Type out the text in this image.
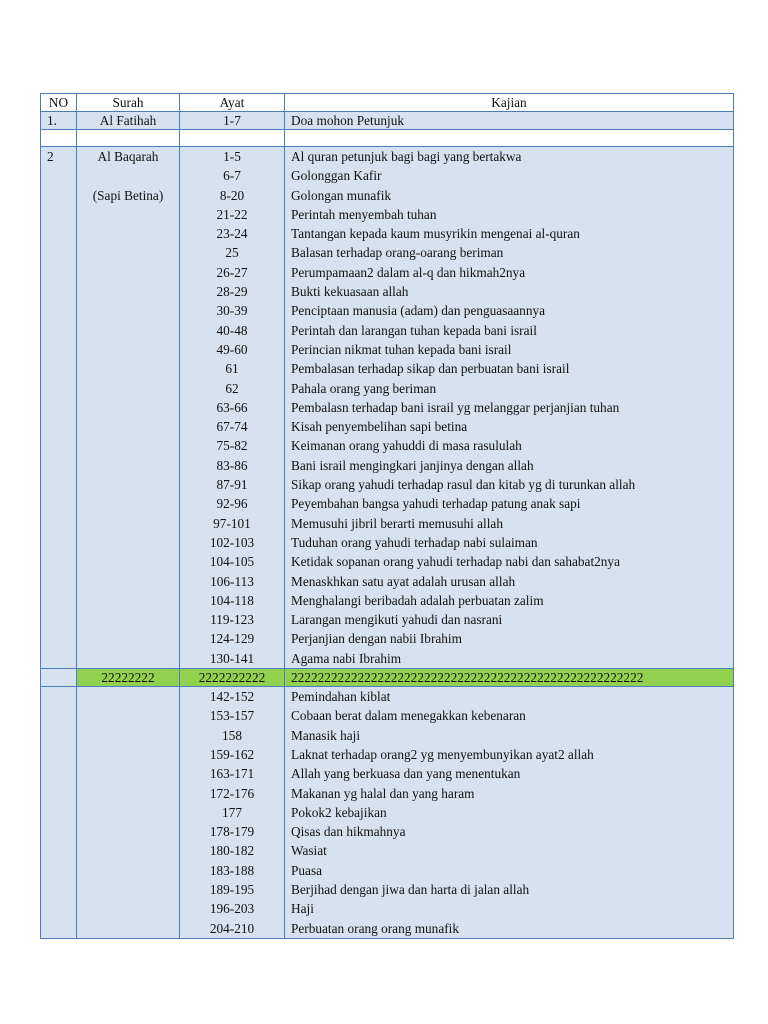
NO	Surah	Ayat	Kajian
1.	Al Fatihah	1-7	Doa mohon Petunjuk

2	Al Baqarah	1-5	Al quran petunjuk bagi bagi yang bertakwa
		6-7	Golonggan Kafir
	(Sapi Betina)	8-20	Golongan munafik
		21-22	Perintah menyembah tuhan
		23-24	Tantangan kepada kaum musyrikin mengenai al-quran
		25	Balasan terhadap orang-oarang beriman
		26-27	Perumpamaan2 dalam al-q dan hikmah2nya
		28-29	Bukti kekuasaan allah
		30-39	Penciptaan manusia (adam) dan penguasaannya
		40-48	Perintah dan larangan tuhan kepada bani israil
		49-60	Perincian nikmat tuhan kepada bani israil
		61	Pembalasan terhadap sikap dan perbuatan bani israil
		62	Pahala orang yang beriman
		63-66	Pembalasn terhadap bani israil yg melanggar perjanjian tuhan
		67-74	Kisah penyembelihan sapi betina
		75-82	Keimanan orang yahuddi di masa rasululah
		83-86	Bani israil mengingkari janjinya dengan allah
		87-91	Sikap orang yahudi terhadap rasul dan kitab yg di turunkan allah
		92-96	Peyembahan bangsa yahudi terhadap patung anak sapi
		97-101	Memusuhi jibril berarti memusuhi allah
		102-103	Tuduhan orang yahudi terhadap nabi sulaiman
		104-105	Ketidak sopanan orang yahudi terhadap nabi dan sahabat2nya
		106-113	Menaskhkan satu ayat adalah urusan allah
		104-118	Menghalangi beribadah adalah perbuatan zalim
		119-123	Larangan mengikuti yahudi dan nasrani
		124-129	Perjanjian dengan nabii Ibrahim
		130-141	Agama nabi Ibrahim
	22222222	2222222222	22222222222222222222222222222222222222222222222222222
		142-152	Pemindahan kiblat
		153-157	Cobaan berat dalam menegakkan kebenaran
		158	Manasik haji
		159-162	Laknat terhadap orang2 yg menyembunyikan ayat2 allah
		163-171	Allah yang berkuasa dan yang menentukan
		172-176	Makanan yg halal dan yang haram
		177	Pokok2 kebajikan
		178-179	Qisas dan hikmahnya
		180-182	Wasiat
		183-188	Puasa
		189-195	Berjihad dengan jiwa dan harta di jalan allah
		196-203	Haji
		204-210	Perbuatan orang orang munafik
